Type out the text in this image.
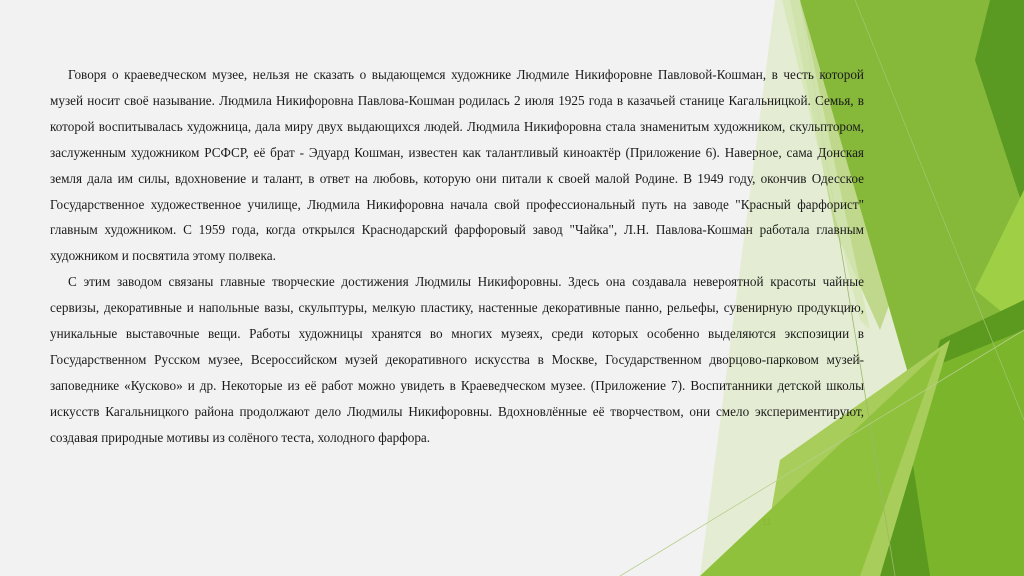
Говоря о краеведческом музее, нельзя не сказать о выдающемся художнике Людмиле Никифоровне Павловой-Кошман, в честь которой музей носит своё называние. Людмила Никифоровна Павлова-Кошман родилась 2 июля 1925 года в казачьей станице Кагальницкой. Семья, в которой воспитывалась художница, дала миру двух выдающихся людей. Людмила Никифоровна стала знаменитым художником, скульптором, заслуженным художником РСФСР, её брат - Эдуард Кошман, известен как талантливый киноактёр (Приложение 6). Наверное, сама Донская земля дала им силы, вдохновение и талант, в ответ на любовь, которую они питали к своей малой Родине. В 1949 году, окончив Одесское Государственное художественное училище, Людмила Никифоровна начала свой профессиональный путь на заводе "Красный фарфорист" главным художником. С 1959 года, когда открылся Краснодарский фарфоровый завод "Чайка", Л.Н. Павлова-Кошман работала главным художником и посвятила этому полвека.

С этим заводом связаны главные творческие достижения Людмилы Никифоровны. Здесь она создавала невероятной красоты чайные сервизы, декоративные и напольные вазы, скульптуры, мелкую пластику, настенные декоративные панно, рельефы, сувенирную продукцию, уникальные выставочные вещи. Работы художницы хранятся во многих музеях, среди которых особенно выделяются экспозиции в Государственном Русском музее, Всероссийском музей декоративного искусства в Москве, Государственном дворцово-парковом музей-заповеднике «Кусково» и др. Некоторые из её работ можно увидеть в Краеведческом музее. (Приложение 7). Воспитанники детской школы искусств Кагальницкого района продолжают дело Людмилы Никифоровны. Вдохновлённые её творчеством, они смело экспериментируют, создавая природные мотивы из солёного теста, холодного фарфора.

11
